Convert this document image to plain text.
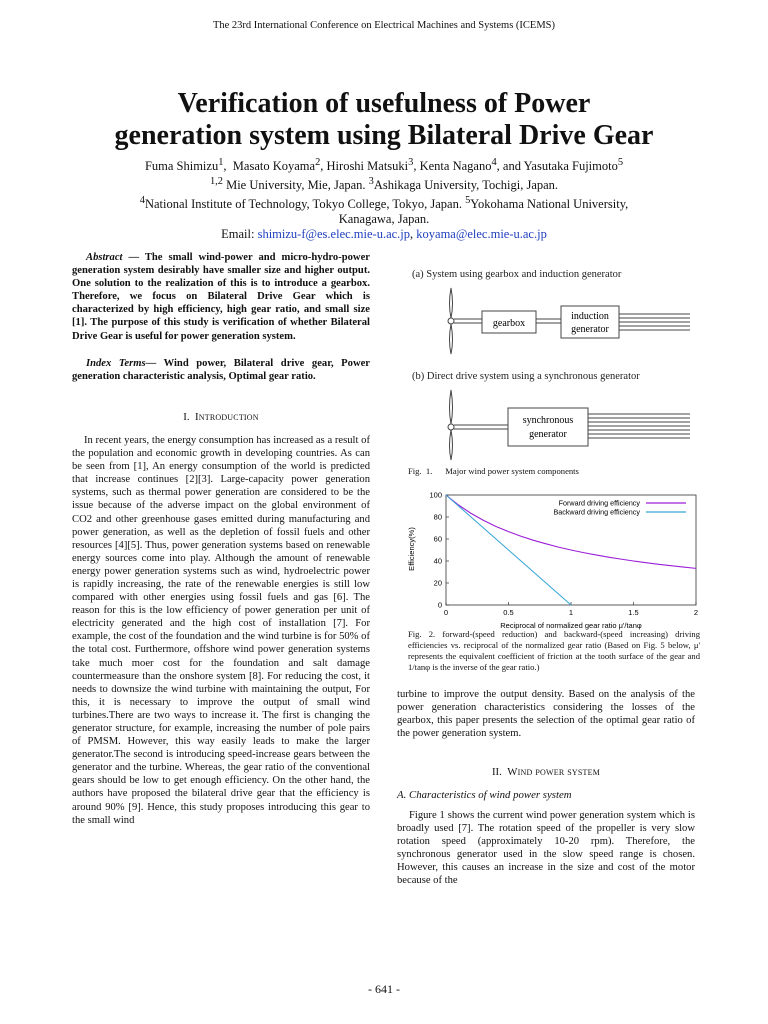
The 23rd International Conference on Electrical Machines and Systems (ICEMS)
Verification of usefulness of Power
generation system using Bilateral Drive Gear
Fuma Shimizu$^1$,  Masato Koyama$^2$, Hiroshi Matsuki$^3$, Kenta Nagano$^4$, and Yasutaka Fujimoto$^5$
$^{1,2}$ Mie University, Mie, Japan. $^3$Ashikaga University, Tochigi, Japan.
$^4$National Institute of Technology, Tokyo College, Tokyo, Japan. $^5$Yokohama National University,
Kanagawa, Japan.
Email: shimizu-f@es.elec.mie-u.ac.jp, koyama@elec.mie-u.ac.jp

Abstract — The small wind-power and micro-hydro-power generation system desirably have smaller size and higher output. One solution to the realization of this is to introduce a gearbox. Therefore, we focus on Bilateral Drive Gear which is characterized by high efficiency, high gear ratio, and small size [1]. The purpose of this study is verification of whether Bilateral Drive Gear is useful for power generation system.

Index Terms— Wind power, Bilateral drive gear, Power generation characteristic analysis, Optimal gear ratio.

I. Introduction

In recent years, the energy consumption has increased as a result of the population and economic growth in developing countries. As can be seen from [1], An energy consumption of the world is predicted that increase continues [2][3]. Large-capacity power generation systems, such as thermal power generation are considered to be the issue because of the adverse impact on the global environment of CO2 and other greenhouse gases emitted during manufacturing and power generation, as well as the depletion of fossil fuels and other resources [4][5]. Thus, power generation systems based on renewable energy sources come into play. Although the amount of renewable energy power generation systems such as wind, hydroelectric power is rapidly increasing, the rate of the renewable energies is still low compared with other energies using fossil fuels and gas [6]. The reason for this is the low efficiency of power generation per unit of electricity generated and the high cost of installation [7]. For example, the cost of the foundation and the wind turbine is for 50% of the total cost. Furthermore, offshore wind power generation systems take much moer cost for the foundation and salt damage countermeasure than the onshore system [8]. For reducing the cost, it needs to downsize the wind turbine with maintaining the output, For this, it is necessary to improve the output of small wind turbines.There are two ways to increase it. The first is changing the generator structure, for example, increasing the number of pole pairs of PMSM. However, this way easily leads to make the larger generator.The second is introducing speed-increase gears between the generator and the turbine. Whereas, the gear ratio of the conventional gears should be low to get enough efficiency. On the other hand, the authors have proposed the bilateral drive gear that the efficiency is around 90% [9]. Hence, this study proposes introducing this gear to the small wind

(a) System using gearbox and induction generator
gearbox
induction
generator
(b) Direct drive system using a synchronous generator
synchronous
generator
Fig.  1.      Major wind power system components
0
20
40
60
80
100
0	0.5	1	1.5	2
Forward driving efficiency
Backward driving efficiency
Reciprocal of normalized gear ratio μ'/tanφ
Efficiency(%)
Fig. 2. forward-(speed reduction) and backward-(speed increasing) driving efficiencies vs. reciprocal of the normalized gear ratio (Based on Fig. 5 below, μ' represents the equivalent coefficient of friction at the tooth surface of the gear and 1/tanφ is the inverse of the gear ratio.)

turbine to improve the output density. Based on the analysis of the power generation characteristics considering the losses of the gearbox, this paper presents the selection of the optimal gear ratio of the power generation system.

II. Wind power system
A. Characteristics of wind power system

Figure 1 shows the current wind power generation system which is broadly used [7]. The rotation speed of the propeller is very slow rotation speed (approximately 10-20 rpm). Therefore, the synchronous generator used in the slow speed range is chosen. However, this causes an increase in the size and cost of the motor because of the

- 641 -
